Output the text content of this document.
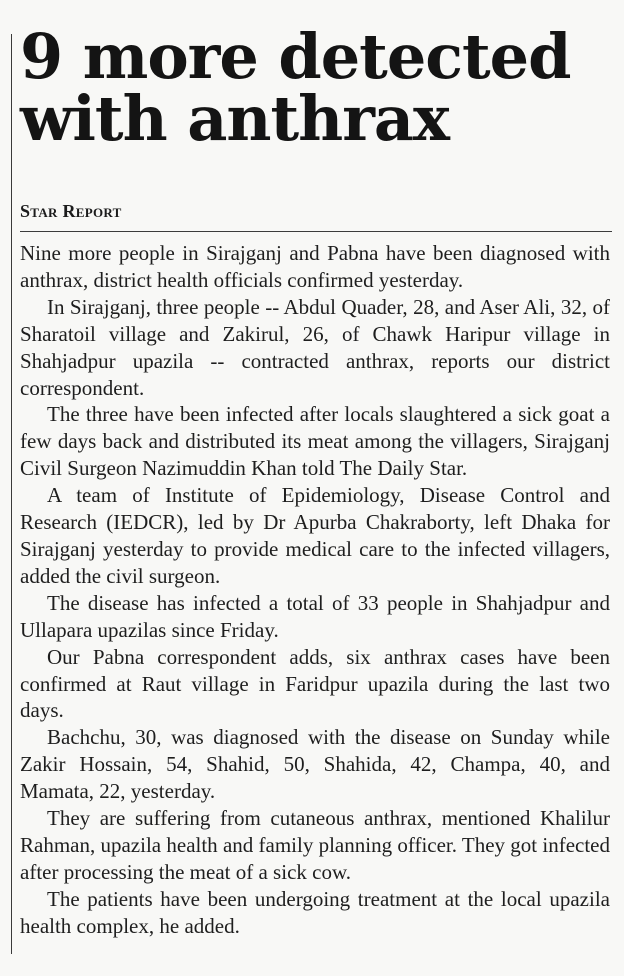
9 more detected
with anthrax
Star Report

Nine more people in Sirajganj and Pabna have been diagnosed with anthrax, district health officials confirmed yesterday.

In Sirajganj, three people -- Abdul Quader, 28, and Aser Ali, 32, of Sharatoil village and Zakirul, 26, of Chawk Haripur village in Shahjadpur upazila -- contracted anthrax, reports our district correspondent.

The three have been infected after locals slaughtered a sick goat a few days back and distributed its meat among the villagers, Sirajganj Civil Surgeon Nazimuddin Khan told The Daily Star.

A team of Institute of Epidemiology, Disease Control and Research (IEDCR), led by Dr Apurba Chakraborty, left Dhaka for Sirajganj yesterday to provide medical care to the infected villagers, added the civil surgeon.

The disease has infected a total of 33 people in Shahjadpur and Ullapara upazilas since Friday.

Our Pabna correspondent adds, six anthrax cases have been confirmed at Raut village in Faridpur upazila during the last two days.

Bachchu, 30, was diagnosed with the disease on Sunday while Zakir Hossain, 54, Shahid, 50, Shahida, 42, Champa, 40, and Mamata, 22, yesterday.

They are suffering from cutaneous anthrax, mentioned Khalilur Rahman, upazila health and family planning officer. They got infected after processing the meat of a sick cow.

The patients have been undergoing treatment at the local upazila health complex, he added.
